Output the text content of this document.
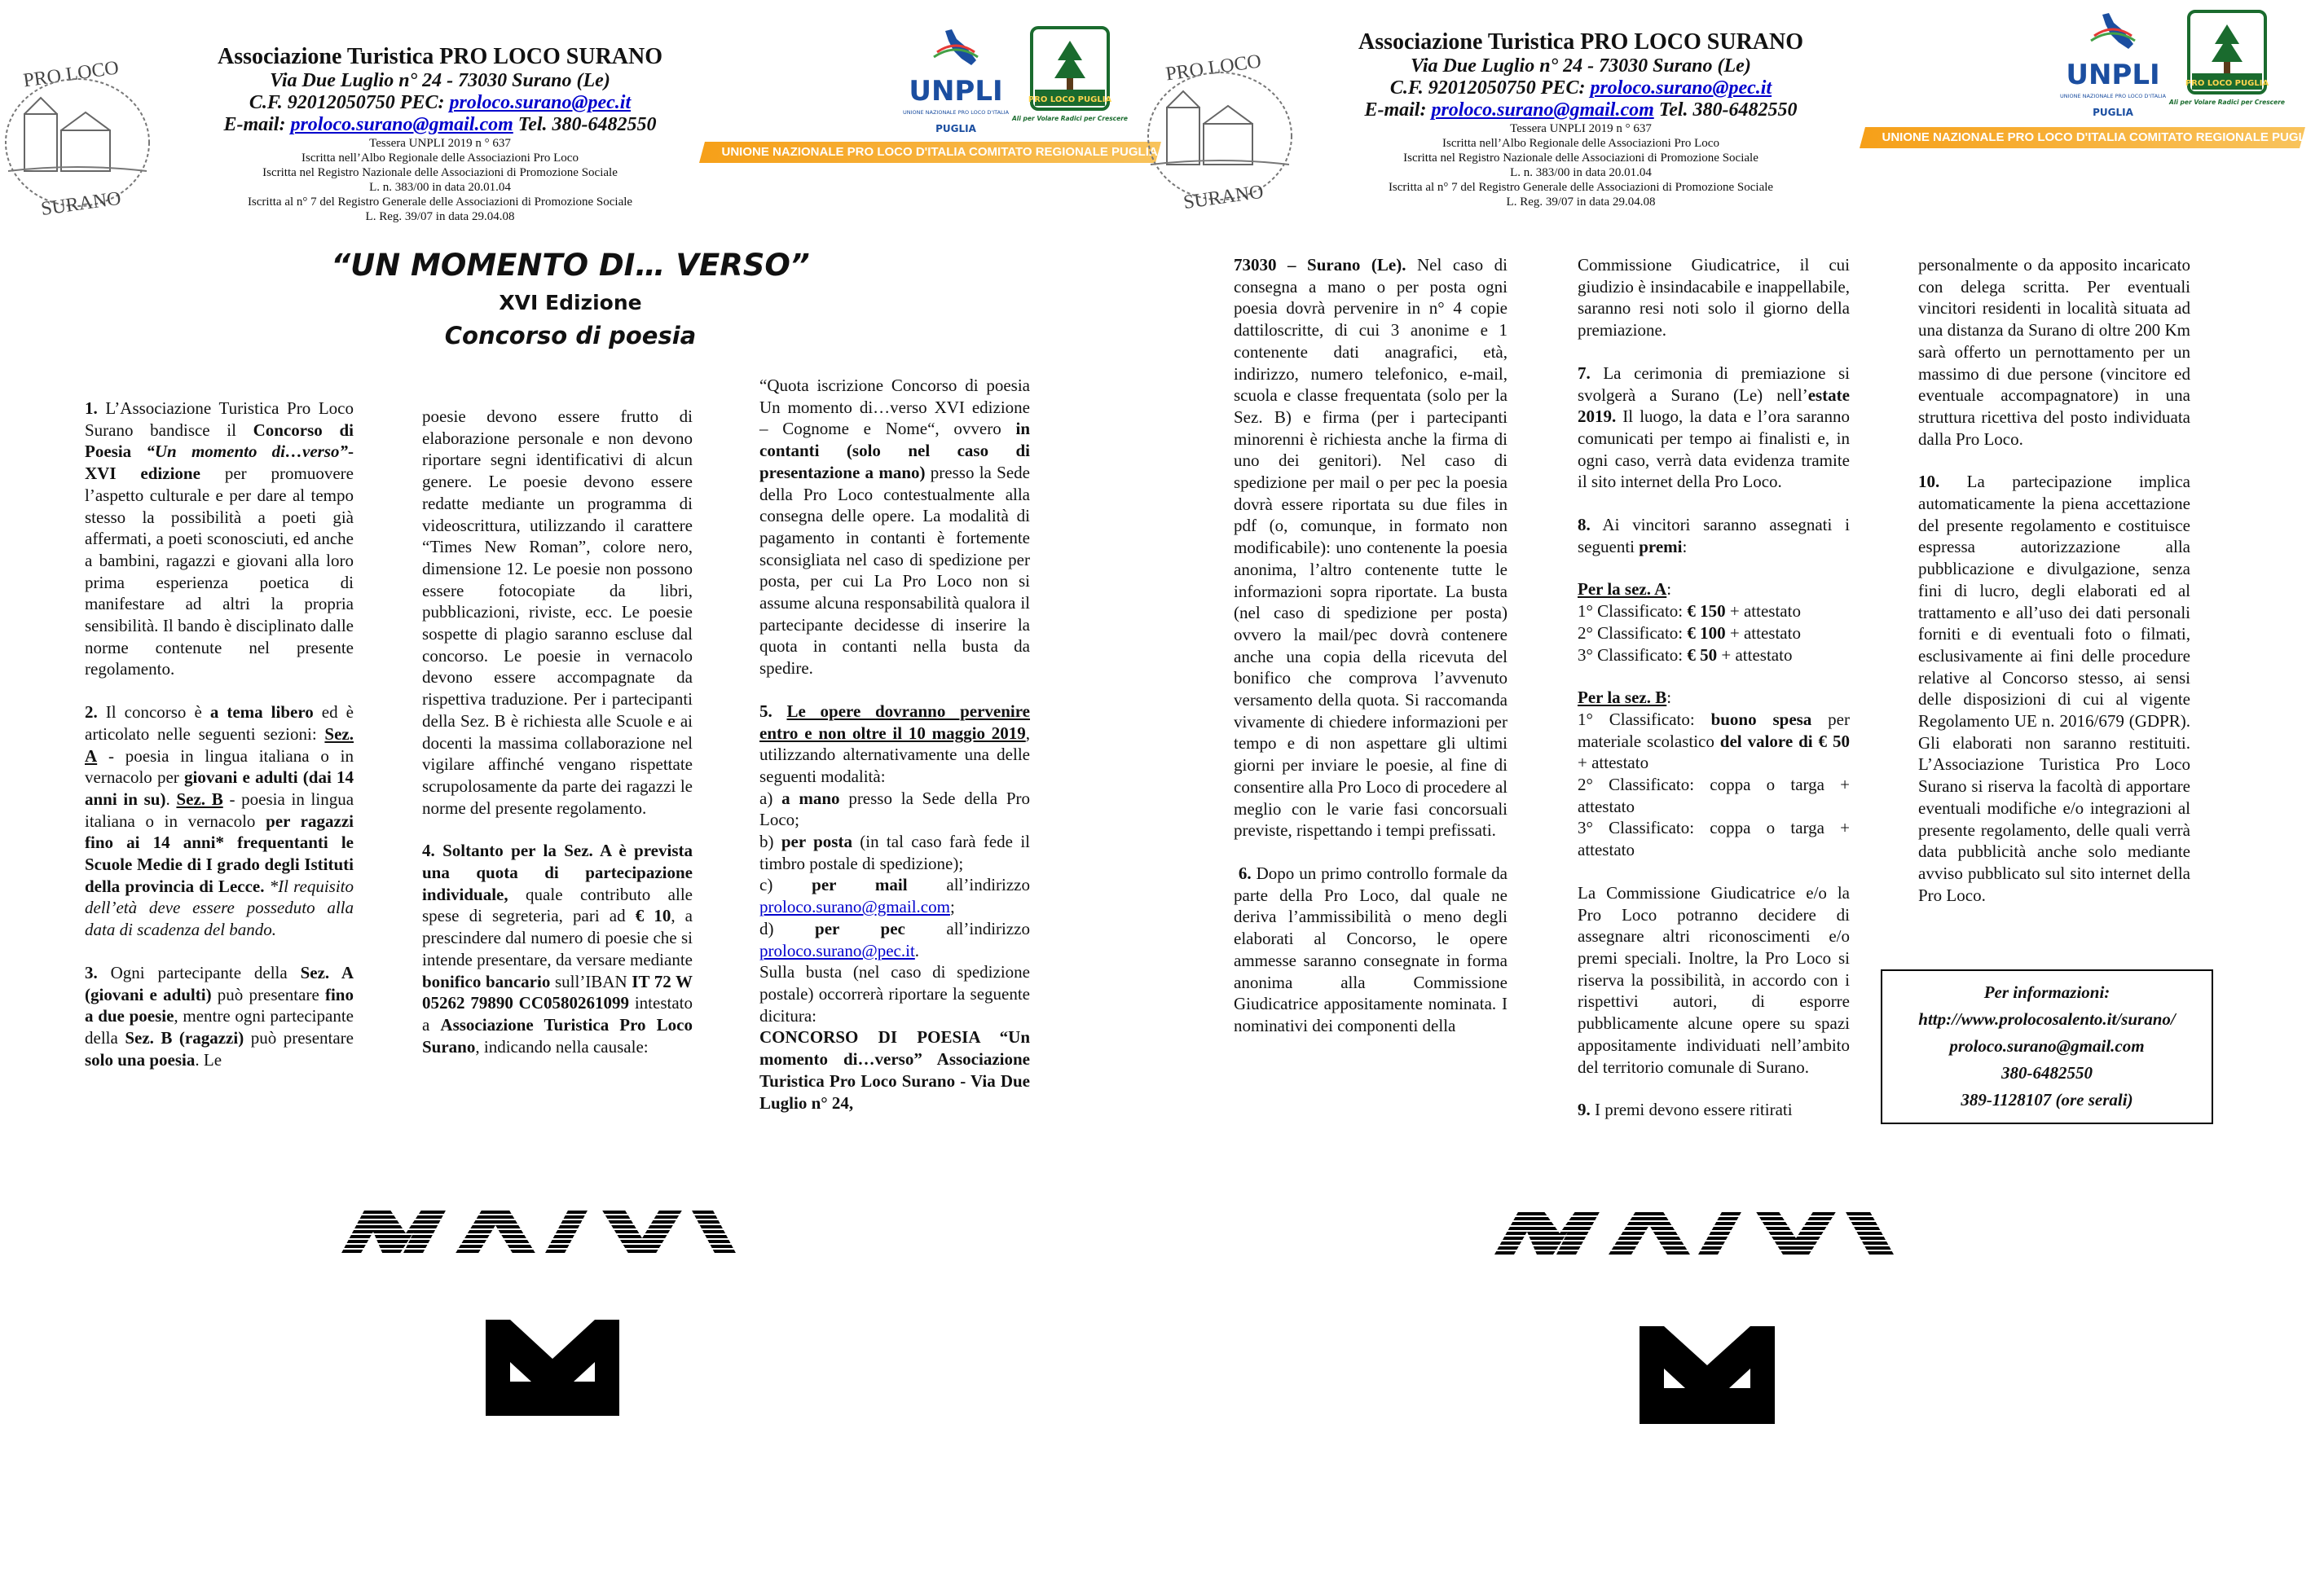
PRO LOCO
SURANO
Associazione Turistica PRO LOCO SURANO
Via Due Luglio n° 24 - 73030 Surano (Le)
C.F. 92012050750 PEC: proloco.surano@pec.it
E-mail: proloco.surano@gmail.com Tel. 380-6482550
Tessera UNPLI 2019 n ° 637
Iscritta nell’Albo Regionale delle Associazioni Pro Loco
Iscritta nel Registro Nazionale delle Associazioni di Promozione Sociale
L. n. 383/00 in data 20.01.04
Iscritta al n° 7 del Registro Generale delle Associazioni di Promozione Sociale
L. Reg. 39/07 in data 29.04.08
UNPLI
UNIONE NAZIONALE PRO LOCO D'ITALIA
PUGLIA
PRO LOCO PUGLIA
Ali per Volare Radici per Crescere
UNIONE NAZIONALE PRO LOCO D'ITALIA COMITATO REGIONALE PUGLIA
“UN MOMENTO DI… VERSO”
XVI Edizione
Concorso di poesia

1. L’Associazione Turistica Pro Loco Surano bandisce il Concorso di Poesia “Un momento di…verso”- XVI edizione per promuovere l’aspetto culturale e per dare al tempo stesso la possibilità a poeti già affermati, a poeti sconosciuti, ed anche a bambini, ragazzi e giovani alla loro prima esperienza poetica di manifestare ad altri la propria sensibilità. Il bando è disciplinato dalle norme contenute nel presente regolamento.

2. Il concorso è a tema libero ed è articolato nelle seguenti sezioni: Sez. A - poesia in lingua italiana o in vernacolo per giovani e adulti (dai 14 anni in su). Sez. B - poesia in lingua italiana o in vernacolo per ragazzi fino ai 14 anni* frequentanti le Scuole Medie di I grado degli Istituti della provincia di Lecce. *Il requisito dell’età deve essere posseduto alla data di scadenza del bando.

3. Ogni partecipante della Sez. A (giovani e adulti) può presentare fino a due poesie, mentre ogni partecipante della Sez. B (ragazzi) può presentare solo una poesia. Le

poesie devono essere frutto di elaborazione personale e non devono riportare segni identificativi di alcun genere. Le poesie devono essere redatte mediante un programma di videoscrittura, utilizzando il carattere “Times New Roman”, colore nero, dimensione 12. Le poesie non possono essere fotocopiate da libri, pubblicazioni, riviste, ecc. Le poesie sospette di plagio saranno escluse dal concorso. Le poesie in vernacolo devono essere accompagnate da rispettiva traduzione. Per i partecipanti della Sez. B è richiesta alle Scuole e ai docenti la massima collaborazione nel vigilare affinché vengano rispettate scrupolosamente da parte dei ragazzi le norme del presente regolamento.

4. Soltanto per la Sez. A è prevista una quota di partecipazione individuale, quale contributo alle spese di segreteria, pari ad € 10, a prescindere dal numero di poesie che si intende presentare, da versare mediante bonifico bancario sull’IBAN IT 72 W 05262 79890 CC0580261099 intestato a Associazione Turistica Pro Loco Surano, indicando nella causale:

“Quota iscrizione Concorso di poesia Un momento di…verso XVI edizione – Cognome e Nome“, ovvero in contanti (solo nel caso di presentazione a mano) presso la Sede della Pro Loco contestualmente alla consegna delle opere. La modalità di pagamento in contanti è fortemente sconsigliata nel caso di spedizione per posta, per cui La Pro Loco non si assume alcuna responsabilità qualora il partecipante decidesse di inserire la quota in contanti nella busta da spedire.

5. Le opere dovranno pervenire entro e non oltre il 10 maggio 2019, utilizzando alternativamente una delle seguenti modalità:
a) a mano presso la Sede della Pro Loco;
b) per posta (in tal caso farà fede il timbro postale di spedizione);
c) per mail all’indirizzo proloco.surano@gmail.com;
d) per pec all’indirizzo proloco.surano@pec.it.
Sulla busta (nel caso di spedizione postale) occorrerà riportare la seguente dicitura:
CONCORSO DI POESIA “Un momento di…verso” Associazione Turistica Pro Loco Surano - Via Due Luglio n° 24,

PRO LOCO
SURANO
Associazione Turistica PRO LOCO SURANO
Via Due Luglio n° 24 - 73030 Surano (Le)
C.F. 92012050750 PEC: proloco.surano@pec.it
E-mail: proloco.surano@gmail.com Tel. 380-6482550
Tessera UNPLI 2019 n ° 637
Iscritta nell’Albo Regionale delle Associazioni Pro Loco
Iscritta nel Registro Nazionale delle Associazioni di Promozione Sociale
L. n. 383/00 in data 20.01.04
Iscritta al n° 7 del Registro Generale delle Associazioni di Promozione Sociale
L. Reg. 39/07 in data 29.04.08
UNPLI
UNIONE NAZIONALE PRO LOCO D'ITALIA
PUGLIA
PRO LOCO PUGLIA
Ali per Volare Radici per Crescere
UNIONE NAZIONALE PRO LOCO D'ITALIA COMITATO REGIONALE PUGLIA

73030 – Surano (Le). Nel caso di consegna a mano o per posta ogni poesia dovrà pervenire in n° 4 copie dattiloscritte, di cui 3 anonime e 1 contenente dati anagrafici, età, indirizzo, numero telefonico, e-mail, scuola e classe frequentata (solo per la Sez. B) e firma (per i partecipanti minorenni è richiesta anche la firma di uno dei genitori). Nel caso di spedizione per mail o per pec la poesia dovrà essere riportata su due files in pdf (o, comunque, in formato non modificabile): uno contenente la poesia anonima, l’altro contenente tutte le informazioni sopra riportate. La busta (nel caso di spedizione per posta) ovvero la mail/pec dovrà contenere anche una copia della ricevuta del bonifico che comprova l’avvenuto versamento della quota. Si raccomanda vivamente di chiedere informazioni per tempo e di non aspettare gli ultimi giorni per inviare le poesie, al fine di consentire alla Pro Loco di procedere al meglio con le varie fasi concorsuali previste, rispettando i tempi prefissati.

6. Dopo un primo controllo formale da parte della Pro Loco, dal quale ne deriva l’ammissibilità o meno degli elaborati al Concorso, le opere ammesse saranno consegnate in forma anonima alla Commissione Giudicatrice appositamente nominata. I nominativi dei componenti della

Commissione Giudicatrice, il cui giudizio è insindacabile e inappellabile, saranno resi noti solo il giorno della premiazione.

7. La cerimonia di premiazione si svolgerà a Surano (Le) nell’estate 2019. Il luogo, la data e l’ora saranno comunicati per tempo ai finalisti e, in ogni caso, verrà data evidenza tramite il sito internet della Pro Loco.

8. Ai vincitori saranno assegnati i seguenti premi:

Per la sez. A:
1° Classificato: € 150 + attestato
2° Classificato: € 100 + attestato
3° Classificato: € 50 + attestato

Per la sez. B:
1° Classificato: buono spesa per materiale scolastico del valore di € 50 + attestato
2° Classificato: coppa o targa + attestato
3° Classificato: coppa o targa + attestato

La Commissione Giudicatrice e/o la Pro Loco potranno decidere di assegnare altri riconoscimenti e/o premi speciali. Inoltre, la Pro Loco si riserva la possibilità, in accordo con i rispettivi autori, di esporre pubblicamente alcune opere su spazi appositamente individuati nell’ambito del territorio comunale di Surano.

9. I premi devono essere ritirati

personalmente o da apposito incaricato con delega scritta. Per eventuali vincitori residenti in località situata ad una distanza da Surano di oltre 200 Km sarà offerto un pernottamento per un massimo di due persone (vincitore ed eventuale accompagnatore) in una struttura ricettiva del posto individuata dalla Pro Loco.

10. La partecipazione implica automaticamente la piena accettazione del presente regolamento e costituisce espressa autorizzazione alla pubblicazione e divulgazione, senza fini di lucro, degli elaborati ed al trattamento e all’uso dei dati personali forniti e di eventuali foto o filmati, esclusivamente ai fini delle procedure relative al Concorso stesso, ai sensi delle disposizioni di cui al vigente Regolamento UE n. 2016/679 (GDPR). Gli elaborati non saranno restituiti. L’Associazione Turistica Pro Loco Surano si riserva la facoltà di apportare eventuali modifiche e/o integrazioni al presente regolamento, delle quali verrà data pubblicità anche solo mediante avviso pubblicato sul sito internet della Pro Loco.

Per informazioni:
http://www.prolocosalento.it/surano/
proloco.surano@gmail.com
380-6482550
389-1128107 (ore serali)
